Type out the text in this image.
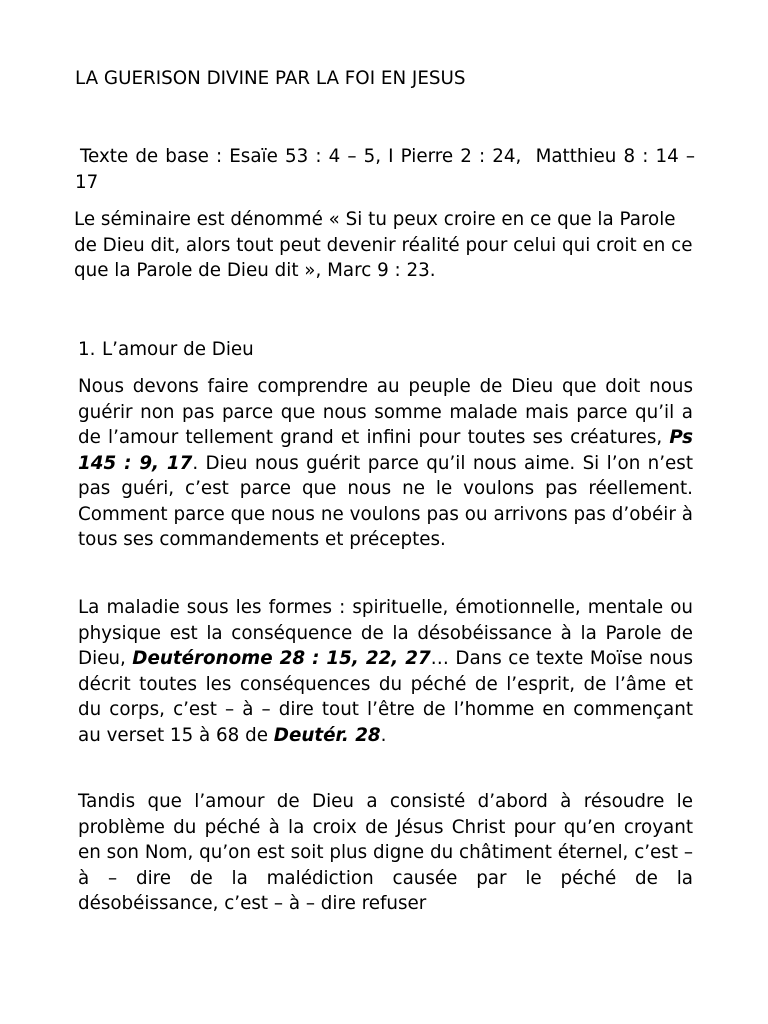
LA GUERISON DIVINE PAR LA FOI EN JESUS

Texte de base : Esaïe 53 : 4 – 5, I Pierre 2 : 24, Matthieu 8 : 14 – 17

Le séminaire est dénommé « Si tu peux croire en ce que la Parole de Dieu dit, alors tout peut devenir réalité pour celui qui croit en ce que la Parole de Dieu dit », Marc 9 : 23.

1. L’amour de Dieu

Nous devons faire comprendre au peuple de Dieu que doit nous guérir non pas parce que nous somme malade mais parce qu’il a de l’amour tellement grand et infini pour toutes ses créatures, Ps 145 : 9, 17. Dieu nous guérit parce qu’il nous aime. Si l’on n’est pas guéri, c’est parce que nous ne le voulons pas réellement. Comment parce que nous ne voulons pas ou arrivons pas d’obéir à tous ses commandements et préceptes.

La maladie sous les formes : spirituelle, émotionnelle, mentale ou physique est la conséquence de la désobéissance à la Parole de Dieu, Deutéronome 28 : 15, 22, 27… Dans ce texte Moïse nous décrit toutes les conséquences du péché de l’esprit, de l’âme et du corps, c’est – à – dire tout l’être de l’homme en commençant au verset 15 à 68 de Deutér. 28.

Tandis que l’amour de Dieu a consisté d’abord à résoudre le problème du péché à la croix de Jésus Christ pour qu’en croyant en son Nom, qu’on est soit plus digne du châtiment éternel, c’est – à – dire de la malédiction causée par le péché de la désobéissance, c’est – à – dire refuser
